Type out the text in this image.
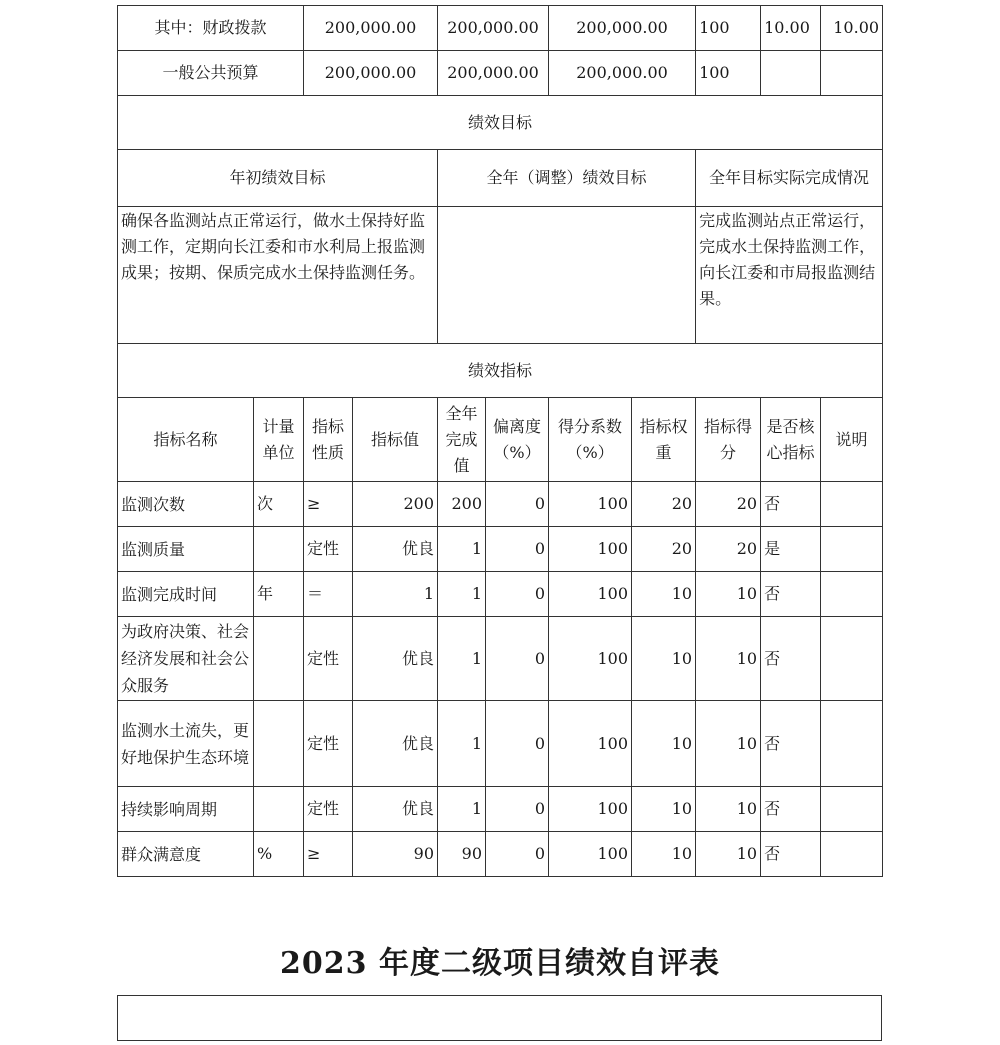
其中：财政拨款		200,000.00		200,000.00		200,000.00		100	10.00	10.00
一般公共预算		200,000.00		200,000.00		200,000.00		100		
绩效目标										
年初绩效目标				全年（调整）绩效目标				全年目标实际完成情况		
确保各监测站点正常运行，做水土保持好监测工作，定期向长江委和市水利局上报监测成果；按期、保质完成水土保持监测任务。								完成监测站点正常运行，完成水土保持监测工作，向长江委和市局报监测结果。		
绩效指标										
指标名称	计量单位	指标性质	指标值	全年完成值	偏离度（%）	得分系数（%）	指标权重	指标得分	是否核心指标	说明
监测次数	次	≥	200	200	0	100	20	20	否	
监测质量		定性	优良	1	0	100	20	20	是	
监测完成时间	年	＝	1	1	0	100	10	10	否	
为政府决策、社会经济发展和社会公众服务		定性	优良	1	0	100	10	10	否	
监测水土流失，更好地保护生态环境		定性	优良	1	0	100	10	10	否	
持续影响周期		定性	优良	1	0	100	10	10	否	
群众满意度	%	≥	90	90	0	100	10	10	否	
2023 年度二级项目绩效自评表
